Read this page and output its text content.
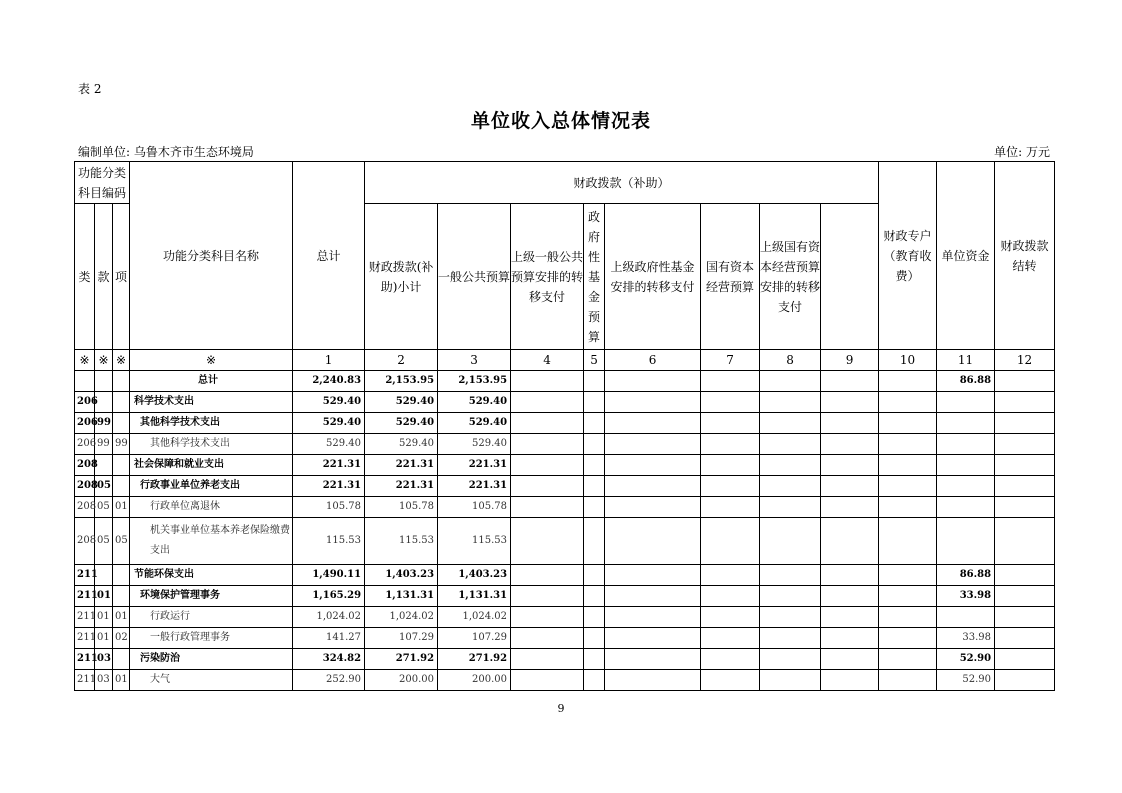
表 2
单位收入总体情况表
编制单位: 乌鲁木齐市生态环境局	单位: 万元
功能分类科目编码			功能分类科目名称	总计	财政拨款（补助）								财政专户（教育收费）	单位资金	财政拨款结转	
类	款	项			财政拨款(补助)小计	一般公共预算	上级一般公共预算安排的转移支付	政府性基金预算	上级政府性基金安排的转移支付	国有资本经营预算	上级国有资本经营预算安排的转移支付					
※	※	※	※	1	2	3	4	5	6	7	8	9	10	11	12	
			总计	2,240.83	2,153.95	2,153.95								86.88		
206			科学技术支出	529.40	529.40	529.40										
206	99		其他科学技术支出	529.40	529.40	529.40										
206	99	99	其他科学技术支出	529.40	529.40	529.40										
208			社会保障和就业支出	221.31	221.31	221.31										
208	05		行政事业单位养老支出	221.31	221.31	221.31										
208	05	01	行政单位离退休	105.78	105.78	105.78										
208	05	05	机关事业单位基本养老保险缴费支出	115.53	115.53	115.53										
211			节能环保支出	1,490.11	1,403.23	1,403.23								86.88		
211	01		环境保护管理事务	1,165.29	1,131.31	1,131.31								33.98		
211	01	01	行政运行	1,024.02	1,024.02	1,024.02										
211	01	02	一般行政管理事务	141.27	107.29	107.29								33.98		
211	03		污染防治	324.82	271.92	271.92								52.90		
211	03	01	大气	252.90	200.00	200.00								52.90		
9
